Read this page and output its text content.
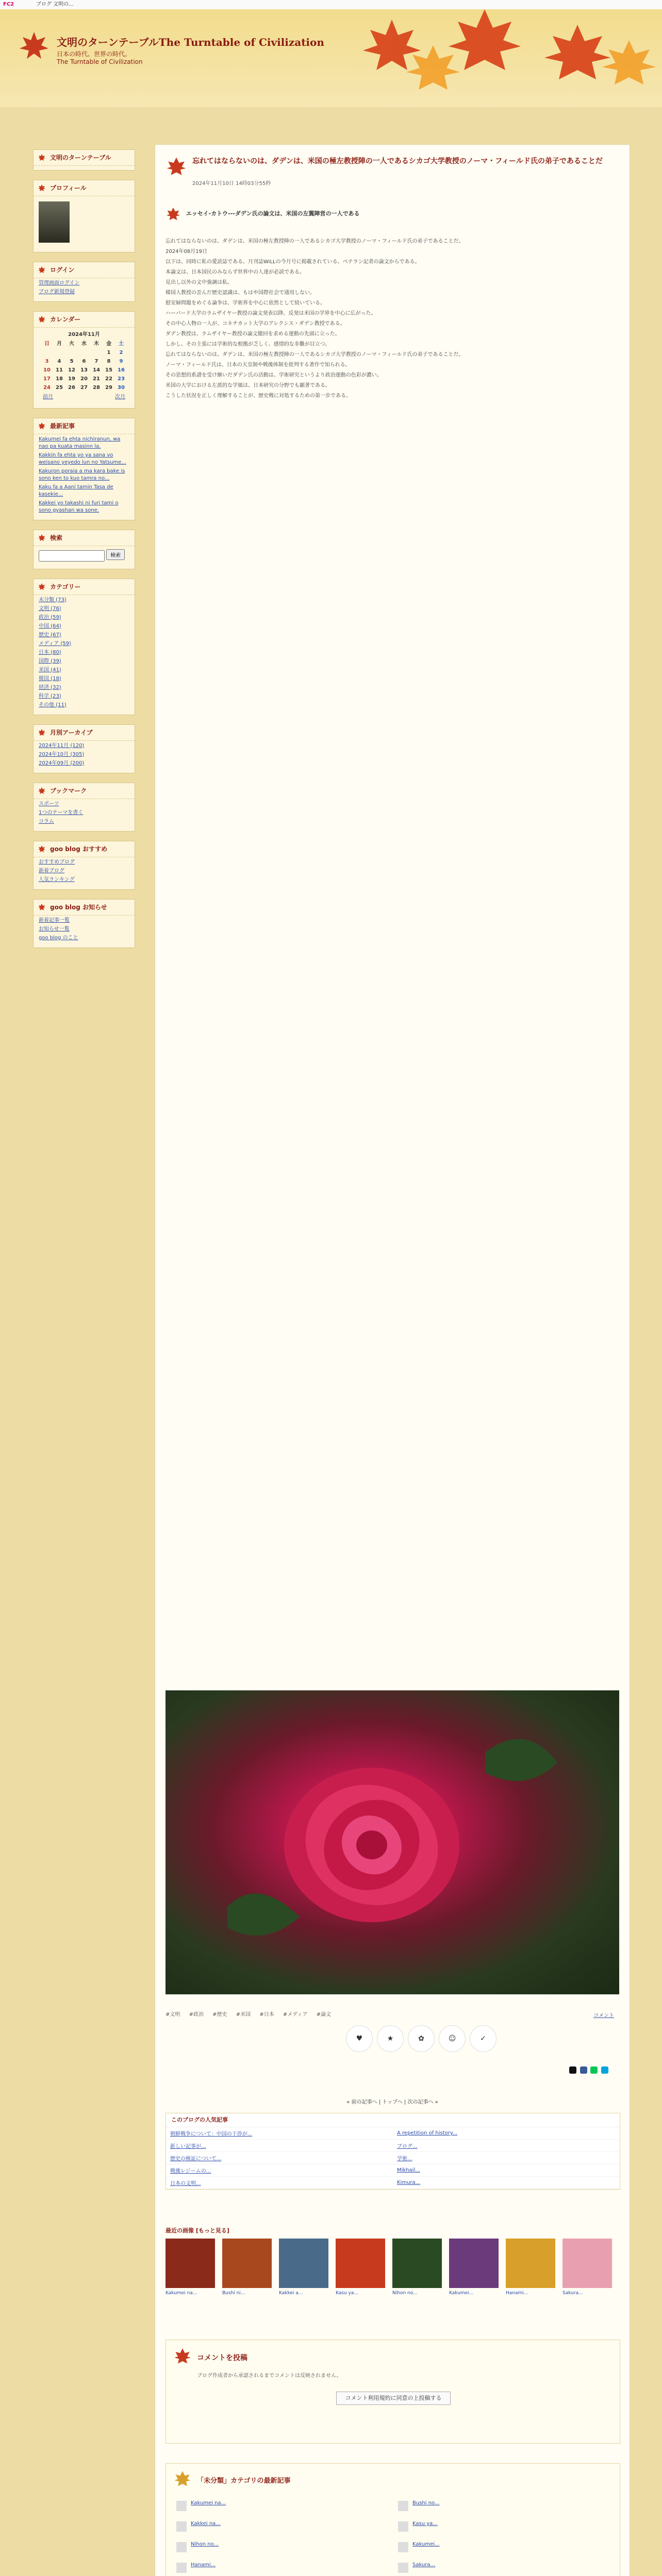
FC2	ブログ 文明の...
文明のターンテーブルThe Turntable of Civilization
日本の時代、世界の時代。
The Turntable of Civilization
文明のターンテーブル
プロフィール
ログイン
管理画面ログイン
ブログ新規登録
カレンダー
2024年11月
日	月	火	水	木	金	土
					1	2
3	4	5	6	7	8	9
10	11	12	13	14	15	16
17	18	19	20	21	22	23
24	25	26	27	28	29	30
前月	次月
最新記事
Kakumei fa ehta nichiranun, wa nao pa kuata masinn la.
Kakkin fa ehta yo ya sana vo weisano yeyedo lun no Yatsume...
Kakuron poraia a ma kara bake is sono ken to kuo tamra no...
Kaku fa a Aani tamin Tasa de kasekie...
Kakkei yo takashi ni furi tami o sono gyashan wa sone.
検索
検索
カテゴリー
未分類 (73)
文明 (76)
政治 (59)
中国 (64)
歴史 (67)
メディア (59)
日本 (80)
国際 (39)
米国 (41)
韓国 (18)
経済 (32)
科学 (23)
その他 (11)
月別アーカイブ
2024年11月 (120)
2024年10月 (305)
2024年09月 (200)
ブックマーク
スポーツ
1つのテーマを書く
コラム
goo blog おすすめ
おすすめブログ
新着ブログ
人気ランキング
goo blog お知らせ
新着記事一覧
お知らせ一覧
goo blog のこと
忘れてはならないのは、ダデンは、米国の極左教授陣の一人であるシカゴ大学教授のノーマ・フィールド氏の弟子であることだ
2024年11月10日 14時03分55秒

エッセイ-カトウ---ダデン氏の論文は、米国の左翼陣営の一人である

忘れてはならないのは、ダデンは、米国の極左教授陣の一人であるシカゴ大学教授のノーマ・フィールド氏の弟子であることだ。

2024年08月19日

以下は、同時に私の愛読誌である、月刊誌WiLLの今月号に掲載されている、ベテラン記者の論文からである。

本論文は、日本国民のみならず世界中の人達が必読である。

見出し以外の文中強調は私。

韓国人教授の歪んだ歴史認識は、もはや国際社会で通用しない。

慰安婦問題をめぐる論争は、学術界を中心に依然として続いている。

ハーバード大学のラムザイヤー教授の論文発表以降、反発は米国の学界を中心に広がった。

その中心人物の一人が、コネチカット大学のアレクシス・ダデン教授である。

ダデン教授は、ラムザイヤー教授の論文撤回を求める運動の先頭に立った。

しかし、その主張には学術的な根拠が乏しく、感情的な非難が目立つ。

忘れてはならないのは、ダデンは、米国の極左教授陣の一人であるシカゴ大学教授のノーマ・フィールド氏の弟子であることだ。

ノーマ・フィールド氏は、日本の天皇制や戦後体制を批判する著作で知られる。

その思想的系譜を受け継いだダデン氏の活動は、学術研究というより政治運動の色彩が濃い。

米国の大学における左派的な学風は、日本研究の分野でも顕著である。

こうした状況を正しく理解することが、歴史戦に対処するための第一歩である。

#文明 #政治 #歴史 #米国 #日本 #メディア #論文	コメント
♥	★	✿	☺	✓

« 前の記事へ | トップへ | 次の記事へ »
このブログの人気記事
朝鮮戦争について：中国の干渉が...	A repetition of history...
新しい記事が...	ブログ...
歴史の検証について...	学術...
戦後レジームの...	Mikhail...
日本の文明...	Kimura...
最近の画像 [もっと見る]
Kakumei na...	Bushi ni...	Kakkei a...	Kasu ya...	Nihon no...	Kakumei...	Hanami...	Sakura...
コメントを投稿
ブログ作成者から承認されるまでコメントは反映されません。
コメント利用規約に同意の上投稿する
「未分類」カテゴリの最新記事
Kakumei na...	Bushi no...
Kakkei na...	Kasu ya...
Nihon no...	Kakumei...
Hanami...	Sakura...
